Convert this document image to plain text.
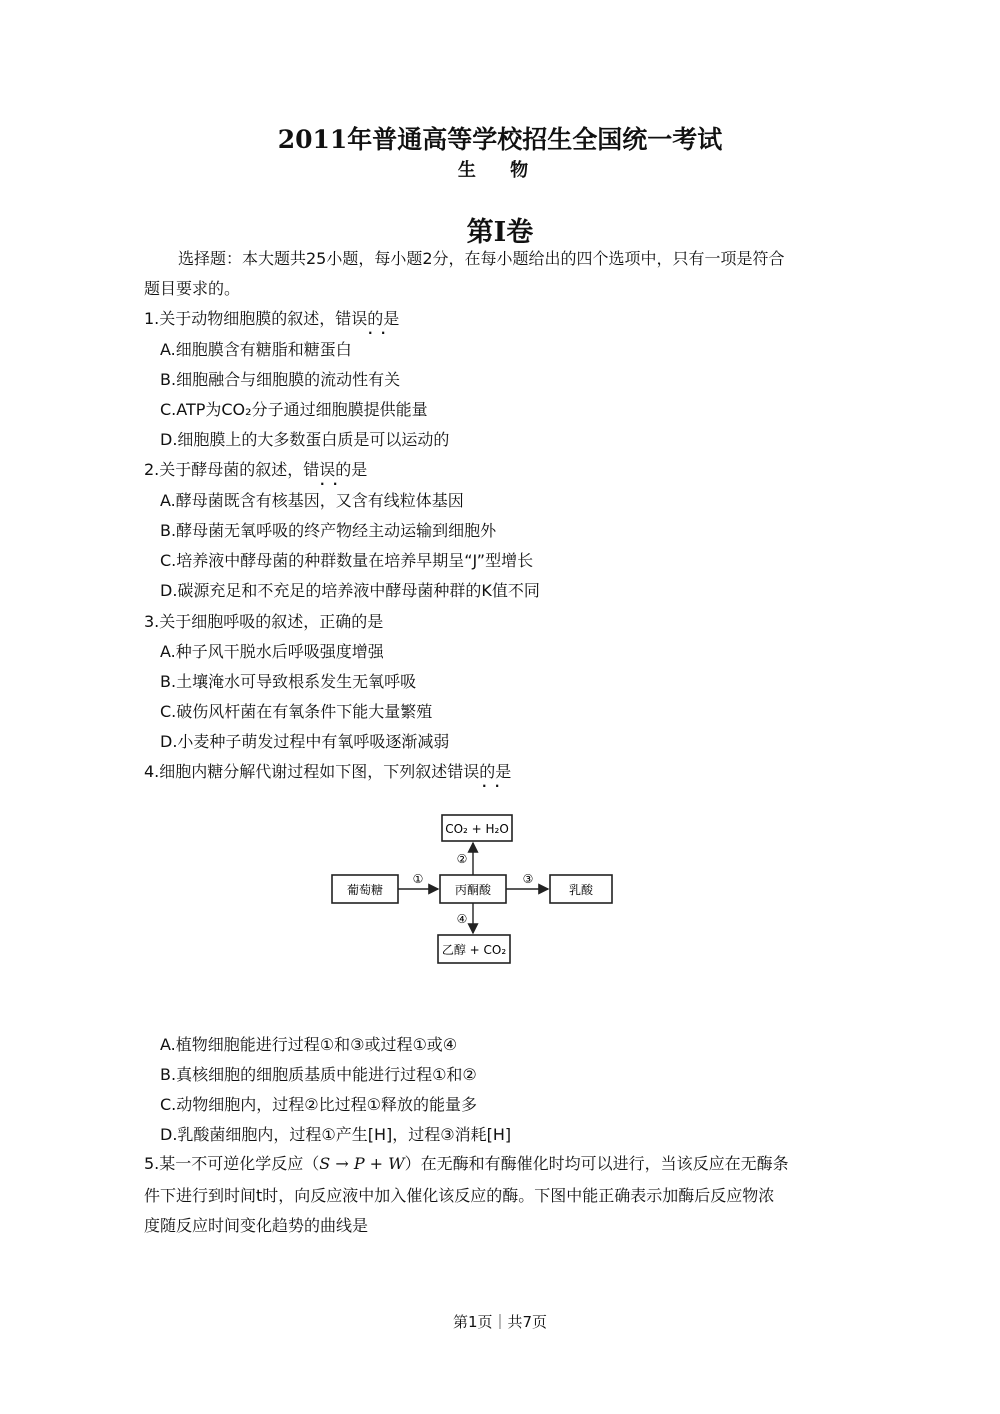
2011年普通高等学校招生全国统一考试
生 物
第I卷
选择题：本大题共25小题，每小题2分，在每小题给出的四个选项中，只有一项是符合
题目要求的。
1.关于动物细胞膜的叙述，错误的是
A.细胞膜含有糖脂和糖蛋白
B.细胞融合与细胞膜的流动性有关
C.ATP为CO₂分子通过细胞膜提供能量
D.细胞膜上的大多数蛋白质是可以运动的
2.关于酵母菌的叙述，错误的是
A.酵母菌既含有核基因，又含有线粒体基因
B.酵母菌无氧呼吸的终产物经主动运输到细胞外
C.培养液中酵母菌的种群数量在培养早期呈“J”型增长
D.碳源充足和不充足的培养液中酵母菌种群的K值不同
3.关于细胞呼吸的叙述，正确的是
A.种子风干脱水后呼吸强度增强
B.土壤淹水可导致根系发生无氧呼吸
C.破伤风杆菌在有氧条件下能大量繁殖
D.小麦种子萌发过程中有氧呼吸逐渐减弱
4.细胞内糖分解代谢过程如下图，下列叙述错误的是
·  ·
·  ·
·  ·
CO₂ + H₂O
葡萄糖	丙酮酸	乳酸
乙醇 + CO₂
①
②
③
④
A.植物细胞能进行过程①和③或过程①或④
B.真核细胞的细胞质基质中能进行过程①和②
C.动物细胞内，过程②比过程①释放的能量多
D.乳酸菌细胞内，过程①产生[H]，过程③消耗[H]
5.某一不可逆化学反应（S → P + W）在无酶和有酶催化时均可以进行，当该反应在无酶条
件下进行到时间t时，向反应液中加入催化该反应的酶。下图中能正确表示加酶后反应物浓
度随反应时间变化趋势的曲线是
第1页｜共7页
